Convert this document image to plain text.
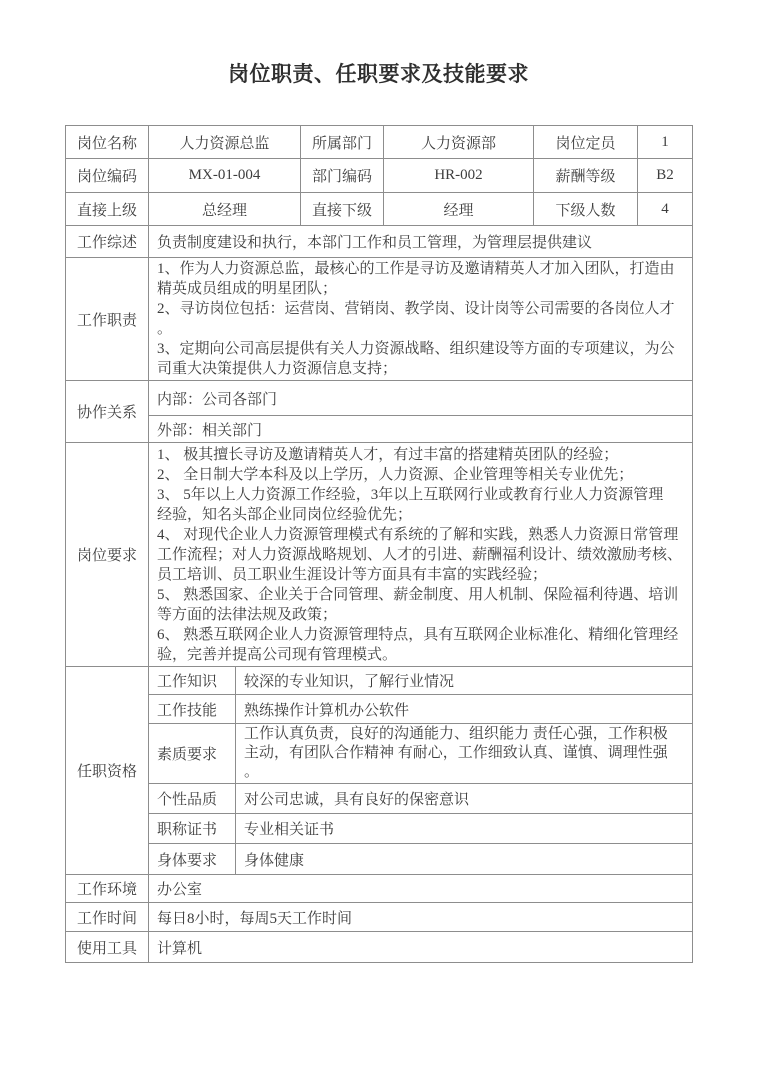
岗位职责、任职要求及技能要求
岗位名称	人力资源总监		所属部门	人力资源部	岗位定员	1
岗位编码	MX-01-004		部门编码	HR-002	薪酬等级	B2
直接上级	总经理		直接下级	经理	下级人数	4
工作综述	负责制度建设和执行，本部门工作和员工管理，为管理层提供建议					
工作职责	1、作为人力资源总监，最核心的工作是寻访及邀请精英人才加入团队，打造由
精英成员组成的明星团队；
2、寻访岗位包括：运营岗、营销岗、教学岗、设计岗等公司需要的各岗位人才
。
3、定期向公司高层提供有关人力资源战略、组织建设等方面的专项建议，为公
司重大决策提供人力资源信息支持；
协作关系	内部：公司各部门					
	外部：相关部门					
岗位要求	1、 极其擅长寻访及邀请精英人才，有过丰富的搭建精英团队的经验；
2、 全日制大学本科及以上学历，人力资源、企业管理等相关专业优先；
3、 5年以上人力资源工作经验，3年以上互联网行业或教育行业人力资源管理
经验，知名头部企业同岗位经验优先；
4、 对现代企业人力资源管理模式有系统的了解和实践，熟悉人力资源日常管理
工作流程；对人力资源战略规划、人才的引进、薪酬福利设计、绩效激励考核、
员工培训、员工职业生涯设计等方面具有丰富的实践经验；
5、 熟悉国家、企业关于合同管理、薪金制度、用人机制、保险福利待遇、培训
等方面的法律法规及政策；
6、 熟悉互联网企业人力资源管理特点，具有互联网企业标准化、精细化管理经
验，完善并提高公司现有管理模式。
任职资格	工作知识	较深的专业知识，了解行业情况				
	工作技能	熟练操作计算机办公软件				
	素质要求	工作认真负责，良好的沟通能力、组织能力 责任心强，工作积极
主动，有团队合作精神 有耐心，工作细致认真、谨慎、调理性强
。				
	个性品质	对公司忠诚，具有良好的保密意识				
	职称证书	专业相关证书				
	身体要求	身体健康				
工作环境	办公室					
工作时间	每日8小时，每周5天工作时间					
使用工具	计算机					
